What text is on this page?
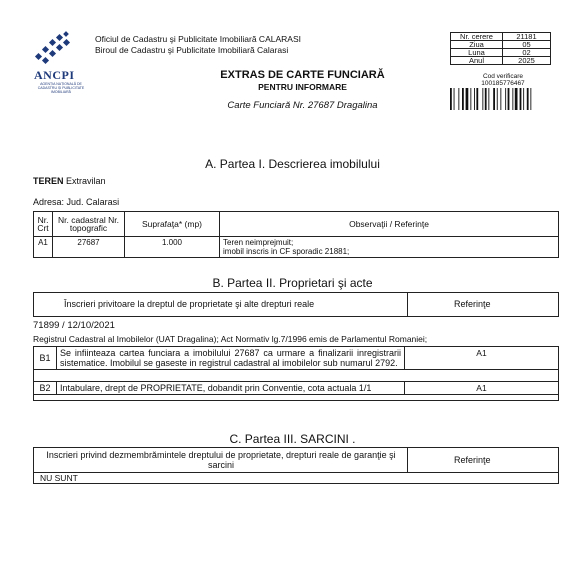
ANCPI
AGENȚIA NAȚIONALĂ DE CADASTRU ȘI PUBLICITATE IMOBILIARĂ
Oficiul de Cadastru şi Publicitate Imobiliară CALARASI
Biroul de Cadastru şi Publicitate Imobiliară Calarasi
EXTRAS DE CARTE FUNCIARĂ
PENTRU INFORMARE
Carte Funciară Nr. 27687 Dragalina
Nr. cerere	21181
Ziua	05
Luna	02
Anul	2025
Cod verificare
100185776467
A. Partea I. Descrierea imobilului
TEREN Extravilan
Adresa: Jud. Calarasi
Nr. Crt	Nr. cadastral Nr. topografic	Suprafaţa* (mp)	Observaţii / Referinţe
A1	27687	1.000	Teren neimprejmuit;
imobil inscris in CF sporadic 21881;
B. Partea II. Proprietari şi acte
Înscrieri privitoare la dreptul de proprietate şi alte drepturi reale	Referinţe
71899 / 12/10/2021
Registrul Cadastral al Imobilelor (UAT Dragalina); Act Normativ lg.7/1996 emis de Parlamentul Romaniei;
B1	Se infiinteaza cartea funciara a imobilului 27687 ca urmare a finalizarii inregistrarii sistematice. Imobilul se gaseste in registrul cadastral al imobilelor sub numarul 2792.	A1

B2	Intabulare, drept de PROPRIETATE, dobandit prin Conventie, cota actuala 1/1	A1

C. Partea III. SARCINI .
Inscrieri privind dezmembrămintele dreptului de proprietate, drepturi reale de garanţie şi sarcini	Referinţe
NU SUNT
